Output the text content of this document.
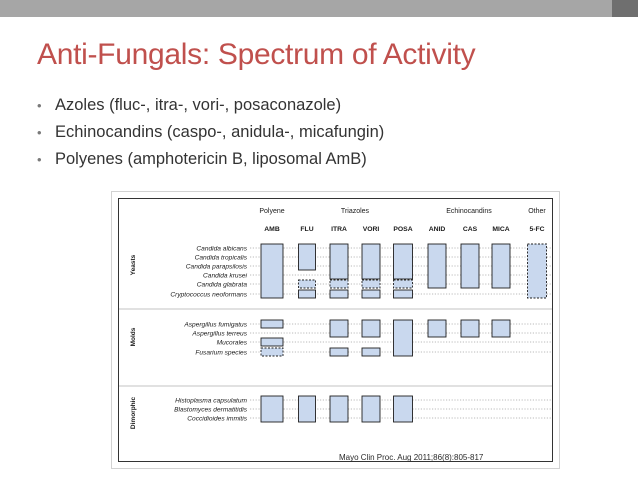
Anti-Fungals: Spectrum of Activity
• Azoles (fluc-, itra-, vori-, posaconazole)
• Echinocandins (caspo-, anidula-, micafungin)
• Polyenes (amphotericin B, liposomal AmB)
Polyene	Triazoles	Echinocandins	Other
AMB	FLU	ITRA VORI POSA ANID	CAS MICA	5-FC
Yeasts
Molds
Dimorphic
Candida albicans
Candida tropicalis
Candida parapsilosis
Candida krusei
Candida glabrata
Cryptococcus neoformans
Aspergillus fumigatus
Aspergillus terreus
Mucorales
Fusarium species
Histoplasma capsulatum
Blastomyces dermatitidis
Coccidioides immitis
Mayo Clin Proc. Aug 2011;86(8):805-817
